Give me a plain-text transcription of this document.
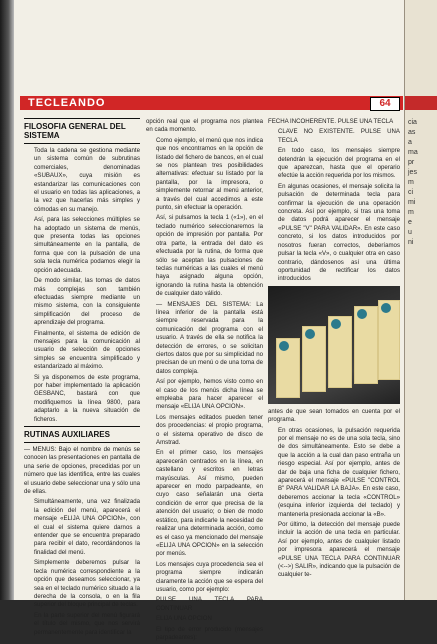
TECLEANDO	64
FILOSOFIA GENERAL DEL SISTEMA

Toda la cadena se gestiona mediante un sistema común de subrutinas comerciales, denominadas «SUBAUX», cuya misión es estandarizar las comunicaciones con el usuario en todas las aplicaciones, a la vez que hacerlas más simples y cómodas en su manejo.

Así, para las selecciones múltiples se ha adoptado un sistema de menús, que presenta todas las opciones simultáneamente en la pantalla, de forma que con la pulsación de una sola tecla numérica podamos elegir la opción adecuada.

De modo similar, las tomas de datos más complejas son también efectuadas siempre mediante un mismo sistema, con la consiguiente simplificación del proceso de aprendizaje del programa.

Finalmente, el sistema de edición de mensajes para la comunicación al usuario de selección de opciones simples se encuentra simplificado y estandarizado al máximo.

Si ya disponemos de este programa, por haber implementado la aplicación GESBANC, bastará con que modifiquemos la línea 9800, para adaptarlo a la nueva situación de ficheros.

RUTINAS AUXILIARES

— MENUS: Bajo el nombre de menús se conocen las presentaciones en pantalla de una serie de opciones, precedidas por un número que las identifica, entre las cuales el usuario debe seleccionar una y sólo una de ellas.

Simultáneamente, una vez finalizada la edición del menú, aparecerá el mensaje «ELIJA UNA OPCION», con el cual el sistema quiere darnos a entender que se encuentra preparado para recibir el dato, recordándonos la finalidad del menú.

Simplemente deberemos pulsar la tecla numérica correspondiente a la opción que deseamos seleccionar, ya sea en el teclado numérico situado a la derecha de la consola, o en la fila superior del bloque principal de teclas.

En la parte superior del menú figurará el título del mismo, que nos servirá permanentemente para identificar la

opción real que el programa nos plantea en cada momento.

Como ejemplo, el menú que nos indica que nos encontramos en la opción de listado del fichero de bancos, en el cual se nos plantean tres posibilidades alternativas: efectuar su listado por la pantalla, por la impresora, o simplemente retornar al menú anterior, a través del cual accedimos a este punto, sin efectuar la operación.

Así, si pulsamos la tecla 1 («1»), en el teclado numérico seleccionaremos la opción de impresión por pantalla. Por otra parte, la entrada del dato es efectuada por la rutina, de forma que sólo se aceptan las pulsaciones de teclas numéricas a las cuales el menú haya asignado alguna opción, ignorando la rutina hasta la obtención de cualquier dato válido.

— MENSAJES DEL SISTEMA: La línea inferior de la pantalla está siempre reservada para la comunicación del programa con el usuario. A través de ella se notifica la detección de errores, o se solicitan ciertos datos que por su simplicidad no precisan de un menú o de una toma de datos compleja.

Así por ejemplo, hemos visto como en el caso de los menús dicha línea se empleaba para hacer aparecer el mensaje «ELIJA UNA OPCION».

Los mensajes editados pueden tener dos procedencias: el propio programa, o el sistema operativo de disco de Amstrad.

En el primer caso, los mensajes aparecerán centrados en la línea, en castellano y escritos en letras mayúsculas. Así mismo, pueden aparecer en modo parpadeante, en cuyo caso señalarán una cierta condición de error que precisa de la atención del usuario; o bien de modo estático, para indicarle la necesidad de realizar una determinada acción, como es el caso ya mencionado del mensaje «ELIJA UNA OPCION» en la selección por menús.

Los mensajes cuya procedencia sea el programa siempre indicarán claramente la acción que se espera del usuario, como por ejemplo:

PULSE UNA TECLA PARA CONTINUAR

ELIJA UNA OPCION

El tipo de error producido (mensajes parpadeantes):

FECHA INCOHERENTE. PULSE UNA TECLA

CLAVE NO EXISTENTE. PULSE UNA TECLA

En todo caso, los mensajes siempre detendrán la ejecución del programa en el que aparezcan, hasta que el operario efectúe la acción requerida por los mismos.

En algunas ocasiones, el mensaje solicita la pulsación de determinada tecla para confirmar la ejecución de una operación concreta. Así por ejemplo, si tras una toma de datos podrá aparecer el mensaje «PULSE "V" PARA VALIDAR». En este caso concreto, si los datos introducidos por nosotros fueran correctos, deberíamos pulsar la tecla «V», o cualquier otra en caso contrario, dándosenos así una última oportunidad de rectificar los datos introducidos

antes de que sean tomados en cuenta por el programa.

En otras ocasiones, la pulsación requerida por el mensaje no es de una sola tecla, sino de dos simultáneamente. Esto se debe a que la acción a la cual dan paso entraña un riesgo especial. Así por ejemplo, antes de dar de baja una ficha de cualquier fichero, aparecerá el mensaje «PULSE "CONTROL B" PARA VALIDAR LA BAJA». En este caso, deberemos accionar la tecla «CONTROL» (esquina inferior izquierda del teclado) y mantenerla presionada accionar la «B».

Por último, la detección del mensaje puede incluir la acción de una tecla en particular. Así por ejemplo, antes de cualquier listado por impresora aparecerá el mensaje «PULSE UNA TECLA PARA CONTINUAR (<-->) SALIR», indicando que la pulsación de cualquier te-

cia
as
a
ma
pr
jes
m
ci
mi
m
e
u
ni
